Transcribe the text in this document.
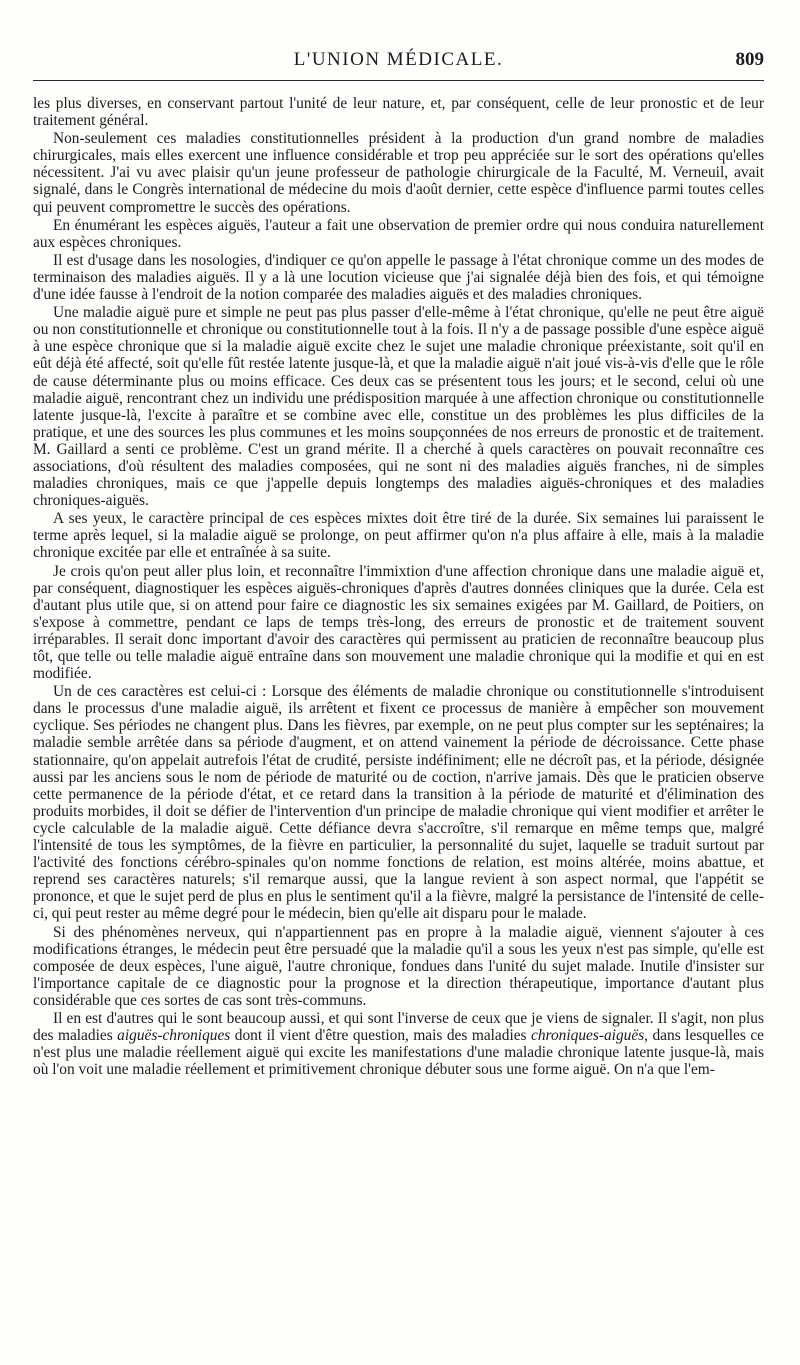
L'UNION MÉDICALE.	809

les plus diverses, en conservant partout l'unité de leur nature, et, par conséquent, celle de leur pronostic et de leur traitement général.

Non-seulement ces maladies constitutionnelles président à la production d'un grand nombre de maladies chirurgicales, mais elles exercent une influence considérable et trop peu appréciée sur le sort des opérations qu'elles nécessitent. J'ai vu avec plaisir qu'un jeune professeur de pathologie chirurgicale de la Faculté, M. Verneuil, avait signalé, dans le Congrès international de médecine du mois d'août dernier, cette espèce d'influence parmi toutes celles qui peuvent compromettre le succès des opérations.

En énumérant les espèces aiguës, l'auteur a fait une observation de premier ordre qui nous conduira naturellement aux espèces chroniques.

Il est d'usage dans les nosologies, d'indiquer ce qu'on appelle le passage à l'état chronique comme un des modes de terminaison des maladies aiguës. Il y a là une locution vicieuse que j'ai signalée déjà bien des fois, et qui témoigne d'une idée fausse à l'endroit de la notion comparée des maladies aiguës et des maladies chroniques.

Une maladie aiguë pure et simple ne peut pas plus passer d'elle-même à l'état chronique, qu'elle ne peut être aiguë ou non constitutionnelle et chronique ou constitutionnelle tout à la fois. Il n'y a de passage possible d'une espèce aiguë à une espèce chronique que si la maladie aiguë excite chez le sujet une maladie chronique préexistante, soit qu'il en eût déjà été affecté, soit qu'elle fût restée latente jusque-là, et que la maladie aiguë n'ait joué vis-à-vis d'elle que le rôle de cause déterminante plus ou moins efficace. Ces deux cas se présentent tous les jours; et le second, celui où une maladie aiguë, rencontrant chez un individu une prédisposition marquée à une affection chronique ou constitutionnelle latente jusque-là, l'excite à paraître et se combine avec elle, constitue un des problèmes les plus difficiles de la pratique, et une des sources les plus communes et les moins soupçonnées de nos erreurs de pronostic et de traitement. M. Gaillard a senti ce problème. C'est un grand mérite. Il a cherché à quels caractères on pouvait reconnaître ces associations, d'où résultent des maladies composées, qui ne sont ni des maladies aiguës franches, ni de simples maladies chroniques, mais ce que j'appelle depuis longtemps des maladies aiguës-chroniques et des maladies chroniques-aiguës.

A ses yeux, le caractère principal de ces espèces mixtes doit être tiré de la durée. Six semaines lui paraissent le terme après lequel, si la maladie aiguë se prolonge, on peut affirmer qu'on n'a plus affaire à elle, mais à la maladie chronique excitée par elle et entraînée à sa suite.

Je crois qu'on peut aller plus loin, et reconnaître l'immixtion d'une affection chronique dans une maladie aiguë et, par conséquent, diagnostiquer les espèces aiguës-chroniques d'après d'autres données cliniques que la durée. Cela est d'autant plus utile que, si on attend pour faire ce diagnostic les six semaines exigées par M. Gaillard, de Poitiers, on s'expose à commettre, pendant ce laps de temps très-long, des erreurs de pronostic et de traitement souvent irréparables. Il serait donc important d'avoir des caractères qui permissent au praticien de reconnaître beaucoup plus tôt, que telle ou telle maladie aiguë entraîne dans son mouvement une maladie chronique qui la modifie et qui en est modifiée.

Un de ces caractères est celui-ci : Lorsque des éléments de maladie chronique ou constitutionnelle s'introduisent dans le processus d'une maladie aiguë, ils arrêtent et fixent ce processus de manière à empêcher son mouvement cyclique. Ses périodes ne changent plus. Dans les fièvres, par exemple, on ne peut plus compter sur les septénaires; la maladie semble arrêtée dans sa période d'augment, et on attend vainement la période de décroissance. Cette phase stationnaire, qu'on appelait autrefois l'état de crudité, persiste indéfiniment; elle ne décroît pas, et la période, désignée aussi par les anciens sous le nom de période de maturité ou de coction, n'arrive jamais. Dès que le praticien observe cette permanence de la période d'état, et ce retard dans la transition à la période de maturité et d'élimination des produits morbides, il doit se défier de l'intervention d'un principe de maladie chronique qui vient modifier et arrêter le cycle calculable de la maladie aiguë. Cette défiance devra s'accroître, s'il remarque en même temps que, malgré l'intensité de tous les symptômes, de la fièvre en particulier, la personnalité du sujet, laquelle se traduit surtout par l'activité des fonctions cérébro-spinales qu'on nomme fonctions de relation, est moins altérée, moins abattue, et reprend ses caractères naturels; s'il remarque aussi, que la langue revient à son aspect normal, que l'appétit se prononce, et que le sujet perd de plus en plus le sentiment qu'il a la fièvre, malgré la persistance de l'intensité de celle-ci, qui peut rester au même degré pour le médecin, bien qu'elle ait disparu pour le malade.

Si des phénomènes nerveux, qui n'appartiennent pas en propre à la maladie aiguë, viennent s'ajouter à ces modifications étranges, le médecin peut être persuadé que la maladie qu'il a sous les yeux n'est pas simple, qu'elle est composée de deux espèces, l'une aiguë, l'autre chronique, fondues dans l'unité du sujet malade. Inutile d'insister sur l'importance capitale de ce diagnostic pour la prognose et la direction thérapeutique, importance d'autant plus considérable que ces sortes de cas sont très-communs.

Il en est d'autres qui le sont beaucoup aussi, et qui sont l'inverse de ceux que je viens de signaler. Il s'agit, non plus des maladies aiguës-chroniques dont il vient d'être question, mais des maladies chroniques-aiguës, dans lesquelles ce n'est plus une maladie réellement aiguë qui excite les manifestations d'une maladie chronique latente jusque-là, mais où l'on voit une maladie réellement et primitivement chronique débuter sous une forme aiguë. On n'a que l'em-
